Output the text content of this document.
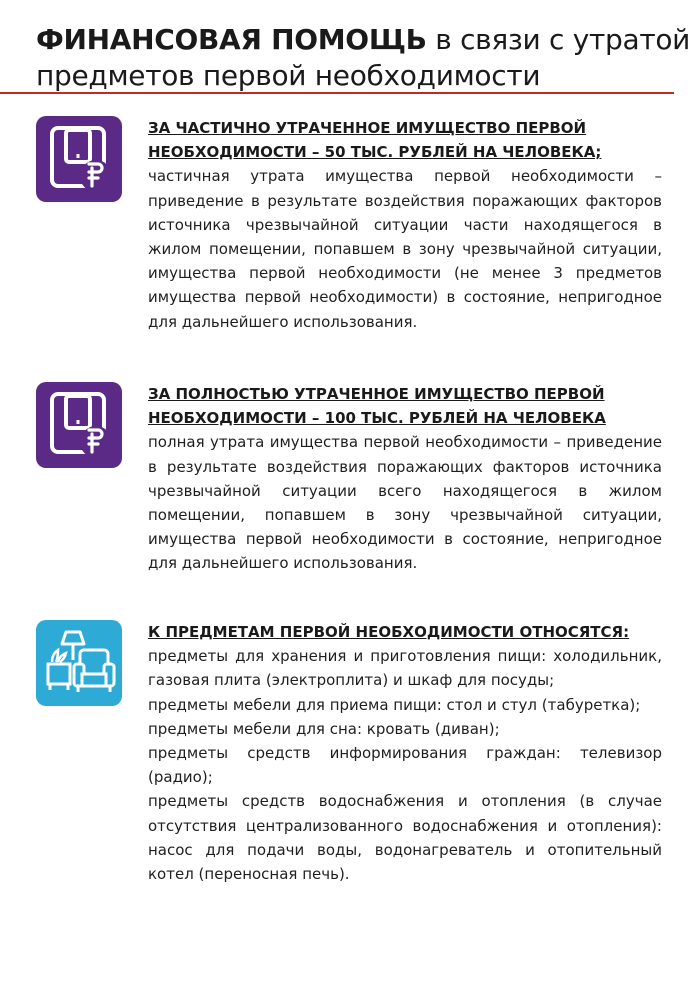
ФИНАНСОВАЯ ПОМОЩЬ в связи с утратой
предметов первой необходимости
ЗА ЧАСТИЧНО УТРАЧЕННОЕ ИМУЩЕСТВО ПЕРВОЙ
НЕОБХОДИМОСТИ – 50 ТЫС. РУБЛЕЙ НА ЧЕЛОВЕКА;
частичная утрата имущества первой необходимости – приведение в результате воздействия поражающих факторов источника чрезвычайной ситуации части находящегося в жилом помещении, попавшем в зону чрезвычайной ситуации, имущества первой необходимости (не менее 3 предметов имущества первой необходимости) в состояние, непригодное для дальнейшего использования.
ЗА ПОЛНОСТЬЮ УТРАЧЕННОЕ ИМУЩЕСТВО ПЕРВОЙ
НЕОБХОДИМОСТИ – 100 ТЫС. РУБЛЕЙ НА ЧЕЛОВЕКА
полная утрата имущества первой необходимости – приведение в результате воздействия поражающих факторов источника чрезвычайной ситуации всего находящегося в жилом помещении, попавшем в зону чрезвычайной ситуации, имущества первой необходимости в состояние, непригодное для дальнейшего использования.
К ПРЕДМЕТАМ ПЕРВОЙ НЕОБХОДИМОСТИ ОТНОСЯТСЯ:
предметы для хранения и приготовления пищи: холодильник, газовая плита (электроплита) и шкаф для посуды;
предметы мебели для приема пищи: стол и стул (табуретка);
предметы мебели для сна: кровать (диван);
предметы средств информирования граждан: телевизор (радио);
предметы средств водоснабжения и отопления (в случае отсутствия централизованного водоснабжения и отопления): насос для подачи воды, водонагреватель и отопительный котел (переносная печь).
